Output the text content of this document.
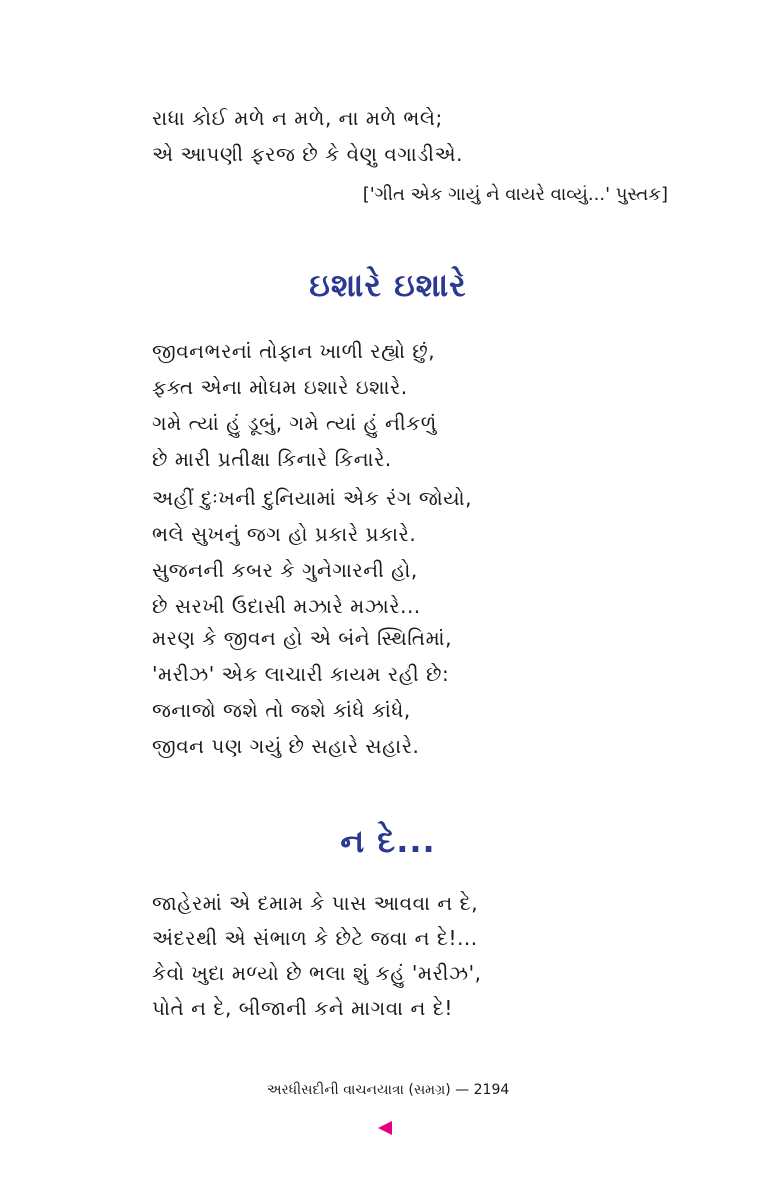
રાધા કોઈ મળે ન મળે, ના મળે ભલે;
એ આપણી ફરજ છે કે વેણુ વગાડીએ.
['ગીત એક ગાયું ને વાયરે વાવ્યું...' પુસ્તક]
ઇશારે ઇશારે
જીવનભરનાં તોફાન ખાળી રહ્યો છું,
ફક્ત એના મોઘમ ઇશારે ઇશારે.
ગમે ત્યાં હું ડૂબું, ગમે ત્યાં હું નીકળું
છે મારી પ્રતીક્ષા કિનારે કિનારે.
અહીં દુઃખની દુનિયામાં એક રંગ જોયો,
ભલે સુખનું જગ હો પ્રકારે પ્રકારે.
સુજનની કબર કે ગુનેગારની હો,
છે સરખી ઉદાસી મઝારે મઝારે...
મરણ કે જીવન હો એ બંને સ્થિતિમાં,
'મરીઝ' એક લાચારી કાયમ રહી છે:
જનાજો જશે તો જશે કાંધે કાંધે,
જીવન પણ ગયું છે સહારે સહારે.
ન દે...
જાહેરમાં એ દમામ કે પાસ આવવા ન દે,
અંદરથી એ સંભાળ કે છેટે જવા ન દે!...
કેવો ખુદા મળ્યો છે ભલા શું કહું 'મરીઝ',
પોતે ન દે, બીજાની કને માગવા ન દે!
અરધીસદીની વાચનયાત્રા (સમગ્ર) — 2194
